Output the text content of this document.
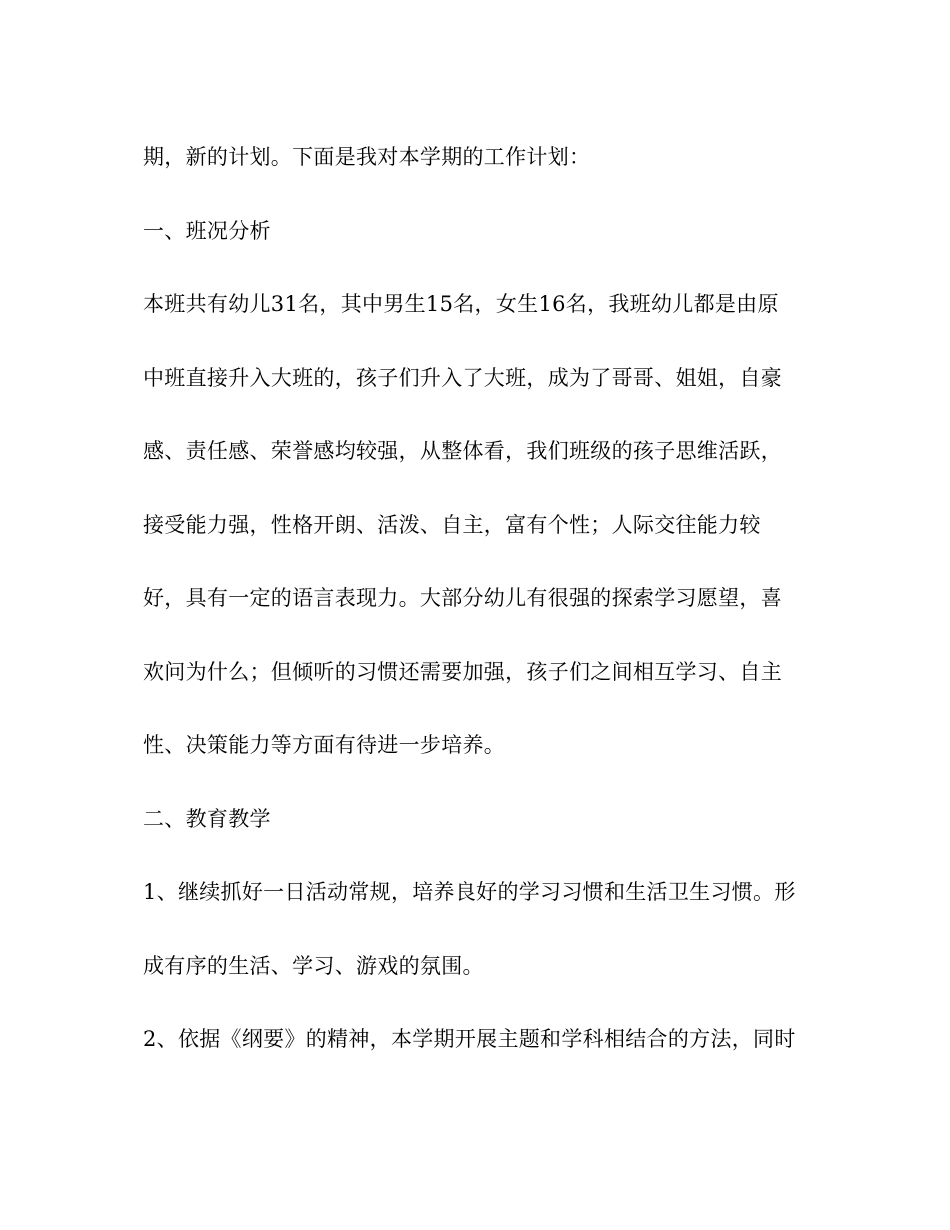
期，新的计划。下面是我对本学期的工作计划：
一、班况分析
本班共有幼儿31名，其中男生15名，女生16名，我班幼儿都是由原
中班直接升入大班的，孩子们升入了大班，成为了哥哥、姐姐，自豪
感、责任感、荣誉感均较强，从整体看，我们班级的孩子思维活跃，
接受能力强，性格开朗、活泼、自主，富有个性；人际交往能力较
好，具有一定的语言表现力。大部分幼儿有很强的探索学习愿望，喜
欢问为什么；但倾听的习惯还需要加强，孩子们之间相互学习、自主
性、决策能力等方面有待进一步培养。
二、教育教学
1、继续抓好一日活动常规，培养良好的学习习惯和生活卫生习惯。形
成有序的生活、学习、游戏的氛围。
2、依据《纲要》的精神，本学期开展主题和学科相结合的方法，同时
